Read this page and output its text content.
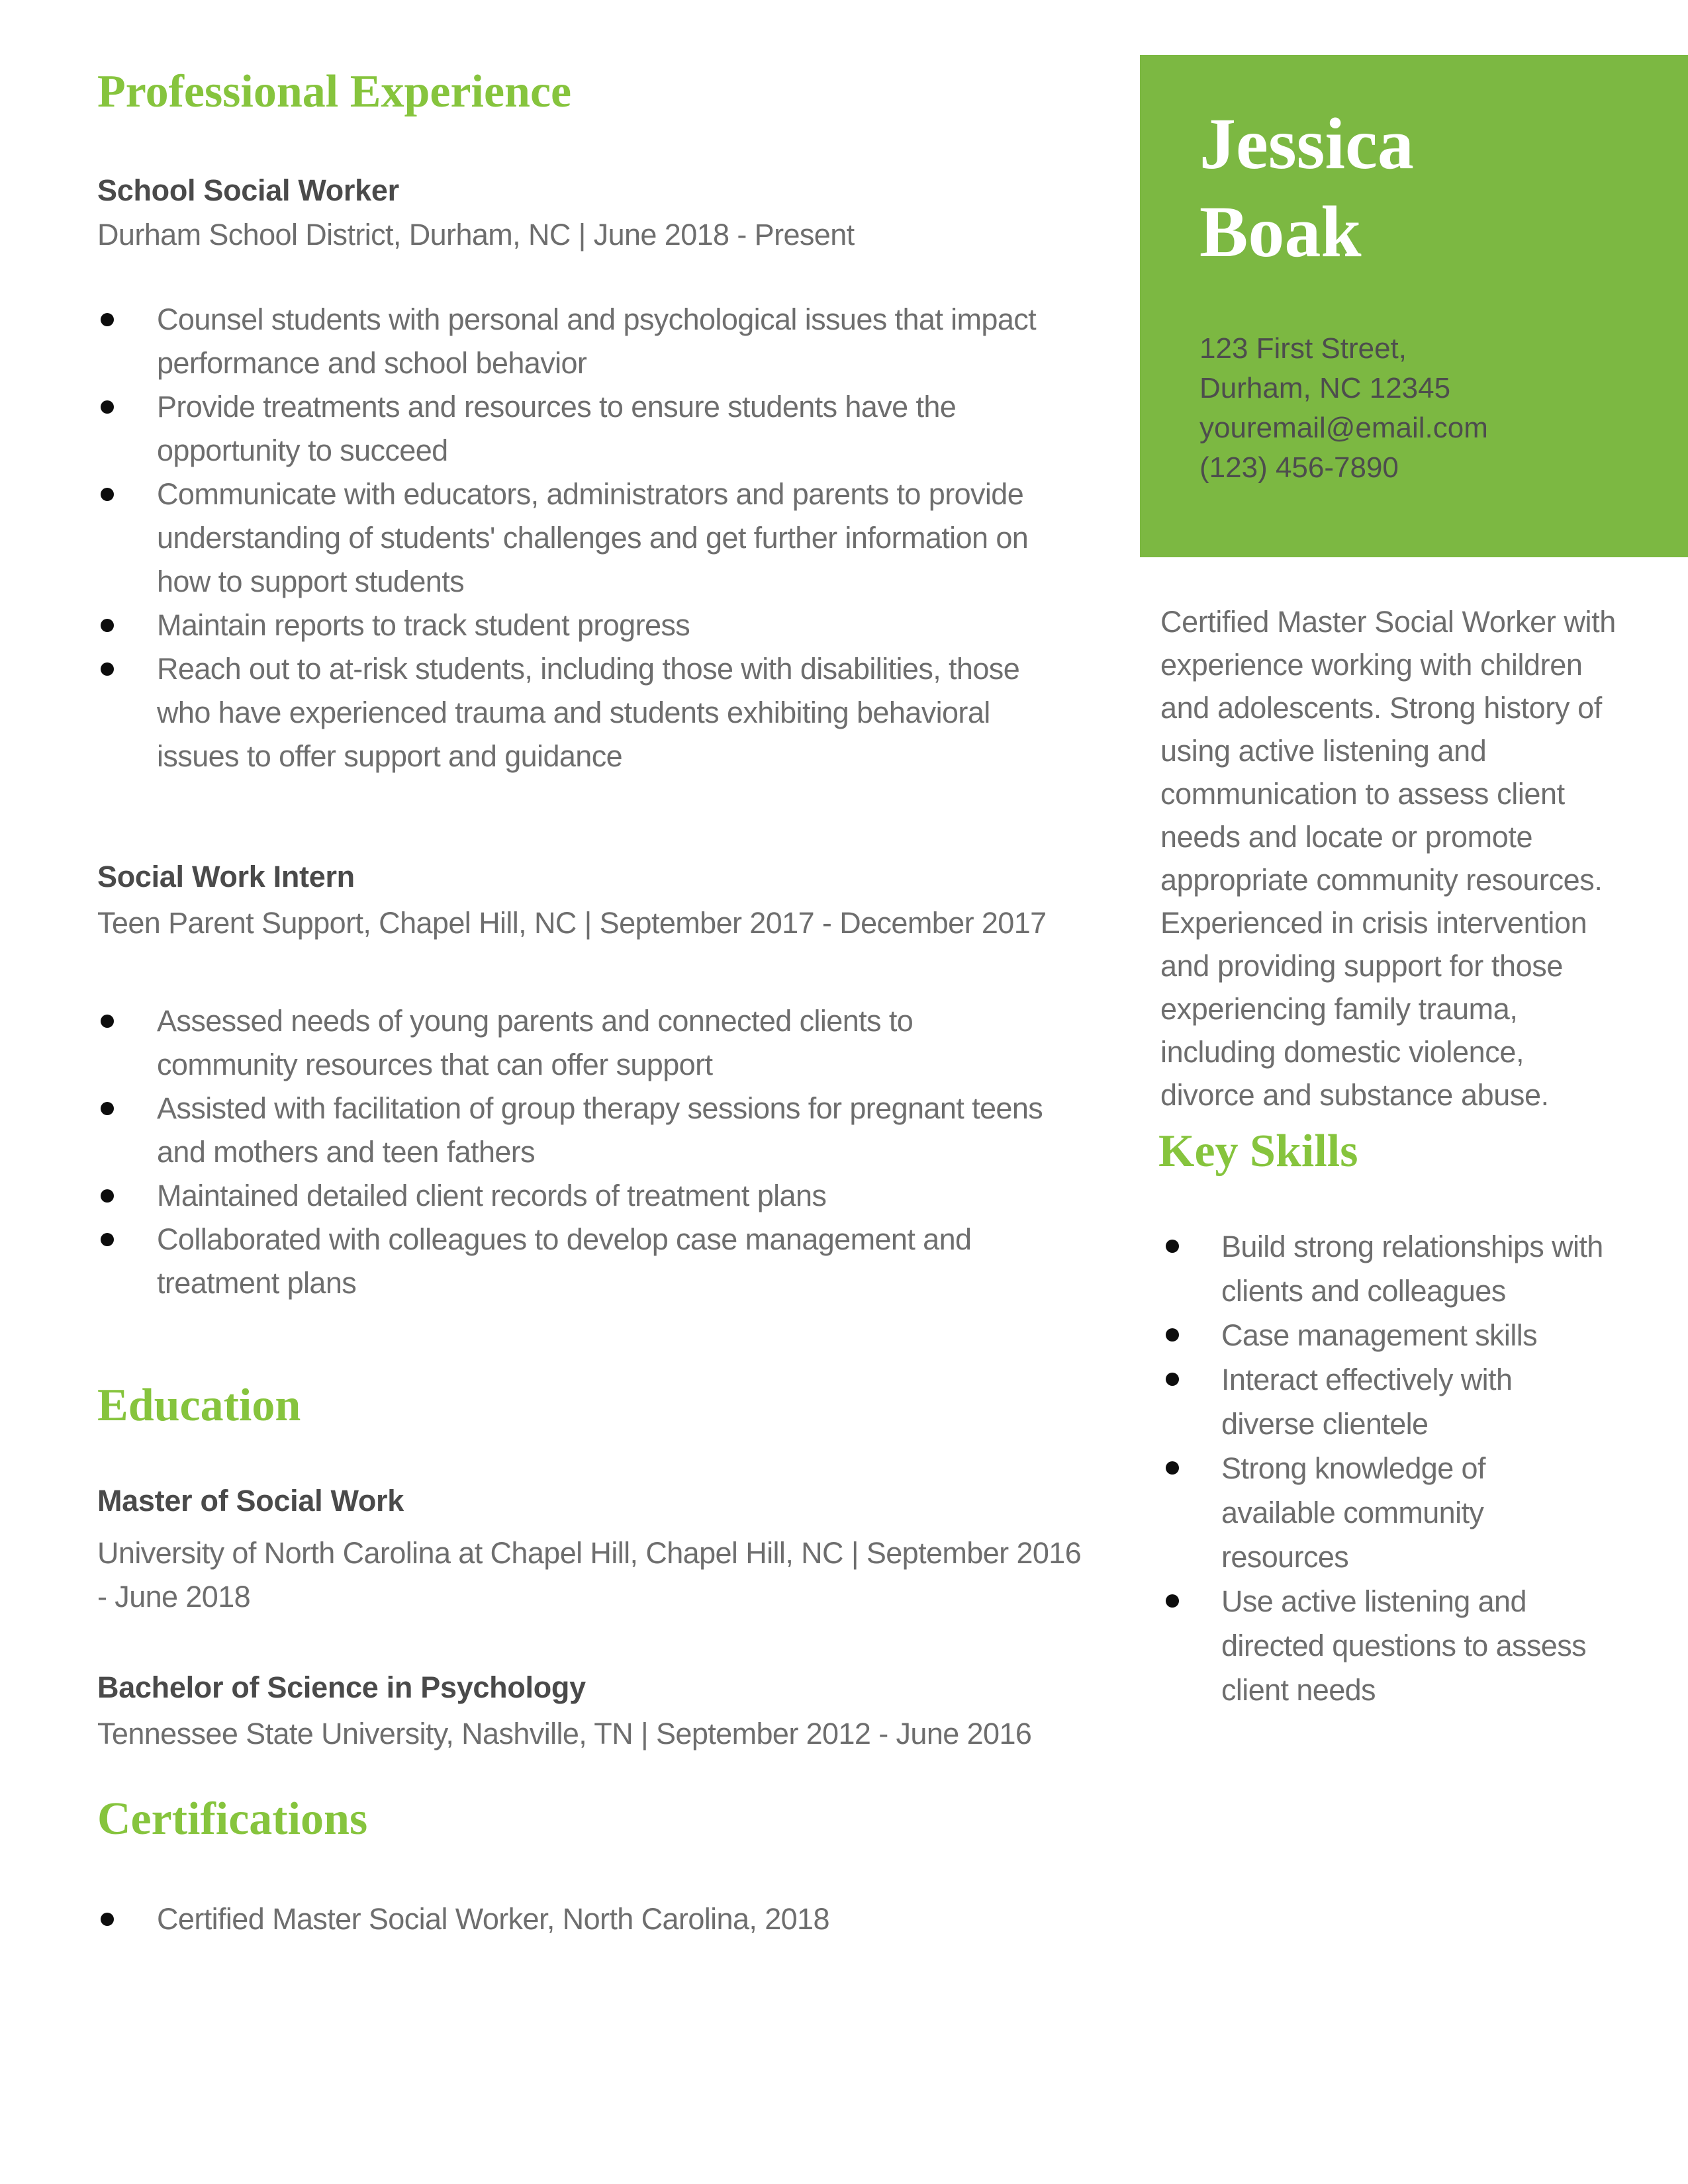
Professional Experience
School Social Worker
Durham School District, Durham, NC | June 2018 - Present
Counsel students with personal and psychological issues that impact
performance and school behavior
Provide treatments and resources to ensure students have the
opportunity to succeed
Communicate with educators, administrators and parents to provide
understanding of students' challenges and get further information on
how to support students
Maintain reports to track student progress
Reach out to at-risk students, including those with disabilities, those
who have experienced trauma and students exhibiting behavioral
issues to offer support and guidance
Social Work Intern
Teen Parent Support, Chapel Hill, NC | September 2017 - December 2017
Assessed needs of young parents and connected clients to
community resources that can offer support
Assisted with facilitation of group therapy sessions for pregnant teens
and mothers and teen fathers
Maintained detailed client records of treatment plans
Collaborated with colleagues to develop case management and
treatment plans
Education
Master of Social Work
University of North Carolina at Chapel Hill, Chapel Hill, NC | September 2016
- June 2018
Bachelor of Science in Psychology
Tennessee State University, Nashville, TN | September 2012 - June 2016
Certifications
Certified Master Social Worker, North Carolina, 2018
Jessica
Boak
123 First Street,
Durham, NC 12345
youremail@email.com
(123) 456-7890
Certified Master Social Worker with
experience working with children
and adolescents. Strong history of
using active listening and
communication to assess client
needs and locate or promote
appropriate community resources.
Experienced in crisis intervention
and providing support for those
experiencing family trauma,
including domestic violence,
divorce and substance abuse.
Key Skills
Build strong relationships with
clients and colleagues
Case management skills
Interact effectively with
diverse clientele
Strong knowledge of
available community
resources
Use active listening and
directed questions to assess
client needs
